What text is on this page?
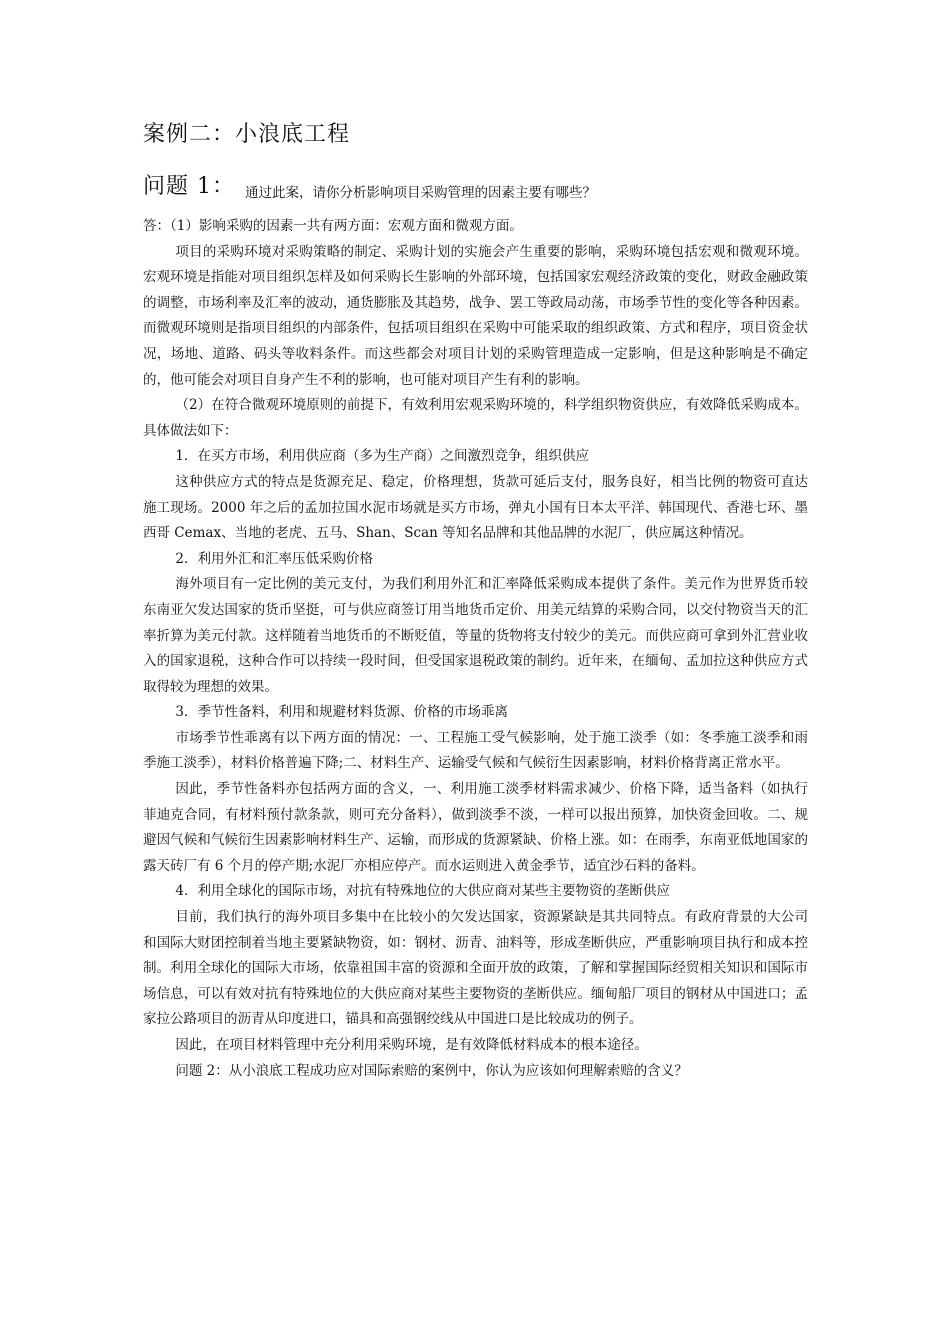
案例二：小浪底工程
问题 1： $_{通过此案,请你分析影响项目采购管理的因素主要有哪些?}$

答：（1）影响采购的因素一共有两方面：宏观方面和微观方面。

项目的采购环境对采购策略的制定、采购计划的实施会产生重要的影响，采购环境包括宏观和微观环境。宏观环境是指能对项目组织怎样及如何采购长生影响的外部环境，包括国家宏观经济政策的变化，财政金融政策的调整，市场利率及汇率的波动，通货膨胀及其趋势，战争、罢工等政局动荡，市场季节性的变化等各种因素。而微观环境则是指项目组织的内部条件，包括项目组织在采购中可能采取的组织政策、方式和程序，项目资金状况，场地、道路、码头等收料条件。而这些都会对项目计划的采购管理造成一定影响，但是这种影响是不确定的，他可能会对项目自身产生不利的影响，也可能对项目产生有利的影响。

（2）在符合微观环境原则的前提下，有效利用宏观采购环境的，科学组织物资供应，有效降低采购成本。具体做法如下：

1．在买方市场，利用供应商（多为生产商）之间激烈竞争，组织供应

这种供应方式的特点是货源充足、稳定，价格理想，货款可延后支付，服务良好，相当比例的物资可直达施工现场。2000 年之后的孟加拉国水泥市场就是买方市场，弹丸小国有日本太平洋、韩国现代、香港七环、墨西哥 Cemax、当地的老虎、五马、Shan、Scan 等知名品牌和其他品牌的水泥厂，供应属这种情况。

2．利用外汇和汇率压低采购价格

海外项目有一定比例的美元支付，为我们利用外汇和汇率降低采购成本提供了条件。美元作为世界货币较东南亚欠发达国家的货币坚挺，可与供应商签订用当地货币定价、用美元结算的采购合同，以交付物资当天的汇率折算为美元付款。这样随着当地货币的不断贬值，等量的货物将支付较少的美元。而供应商可拿到外汇营业收入的国家退税，这种合作可以持续一段时间，但受国家退税政策的制约。近年来，在缅甸、孟加拉这种供应方式取得较为理想的效果。

3．季节性备料，利用和规避材料货源、价格的市场乖离

市场季节性乖离有以下两方面的情况：一、工程施工受气候影响，处于施工淡季（如：冬季施工淡季和雨季施工淡季），材料价格普遍下降;二、材料生产、运输受气候和气候衍生因素影响，材料价格背离正常水平。

因此，季节性备料亦包括两方面的含义，一、利用施工淡季材料需求减少、价格下降，适当备料（如执行菲迪克合同，有材料预付款条款，则可充分备料），做到淡季不淡，一样可以报出预算，加快资金回收。二、规避因气候和气候衍生因素影响材料生产、运输，而形成的货源紧缺、价格上涨。如：在雨季，东南亚低地国家的露天砖厂有 6 个月的停产期;水泥厂亦相应停产。而水运则进入黄金季节，适宜沙石料的备料。

4．利用全球化的国际市场，对抗有特殊地位的大供应商对某些主要物资的垄断供应

目前，我们执行的海外项目多集中在比较小的欠发达国家，资源紧缺是其共同特点。有政府背景的大公司和国际大财团控制着当地主要紧缺物资，如：钢材、沥青、油料等，形成垄断供应，严重影响项目执行和成本控制。利用全球化的国际大市场，依靠祖国丰富的资源和全面开放的政策，了解和掌握国际经贸相关知识和国际市场信息，可以有效对抗有特殊地位的大供应商对某些主要物资的垄断供应。缅甸船厂项目的钢材从中国进口；孟家拉公路项目的沥青从印度进口，锚具和高强钢绞线从中国进口是比较成功的例子。

因此，在项目材料管理中充分利用采购环境，是有效降低材料成本的根本途径。

问题 2：从小浪底工程成功应对国际索赔的案例中，你认为应该如何理解索赔的含义？
